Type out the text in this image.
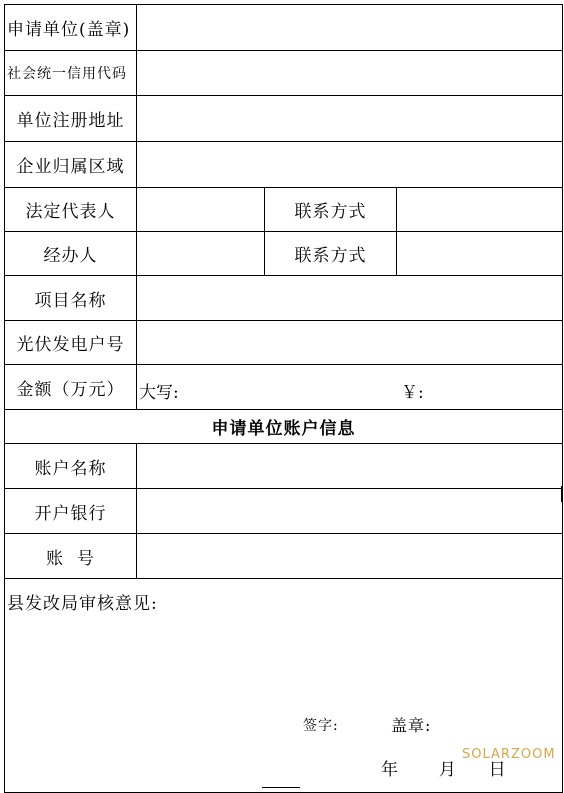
申请单位(盖章)			
社会统一信用代码			
单位注册地址			
企业归属区域			
法定代表人		联系方式	
经办人		联系方式	
项目名称			
光伏发电户号			
金额（万元）	大写: ￥:		

申请单位账户信息			
账户名称			
开户银行			
账  号			

县发改局审核意见:
签字: 盖章:
年 月 日			
SOLARZOOM
